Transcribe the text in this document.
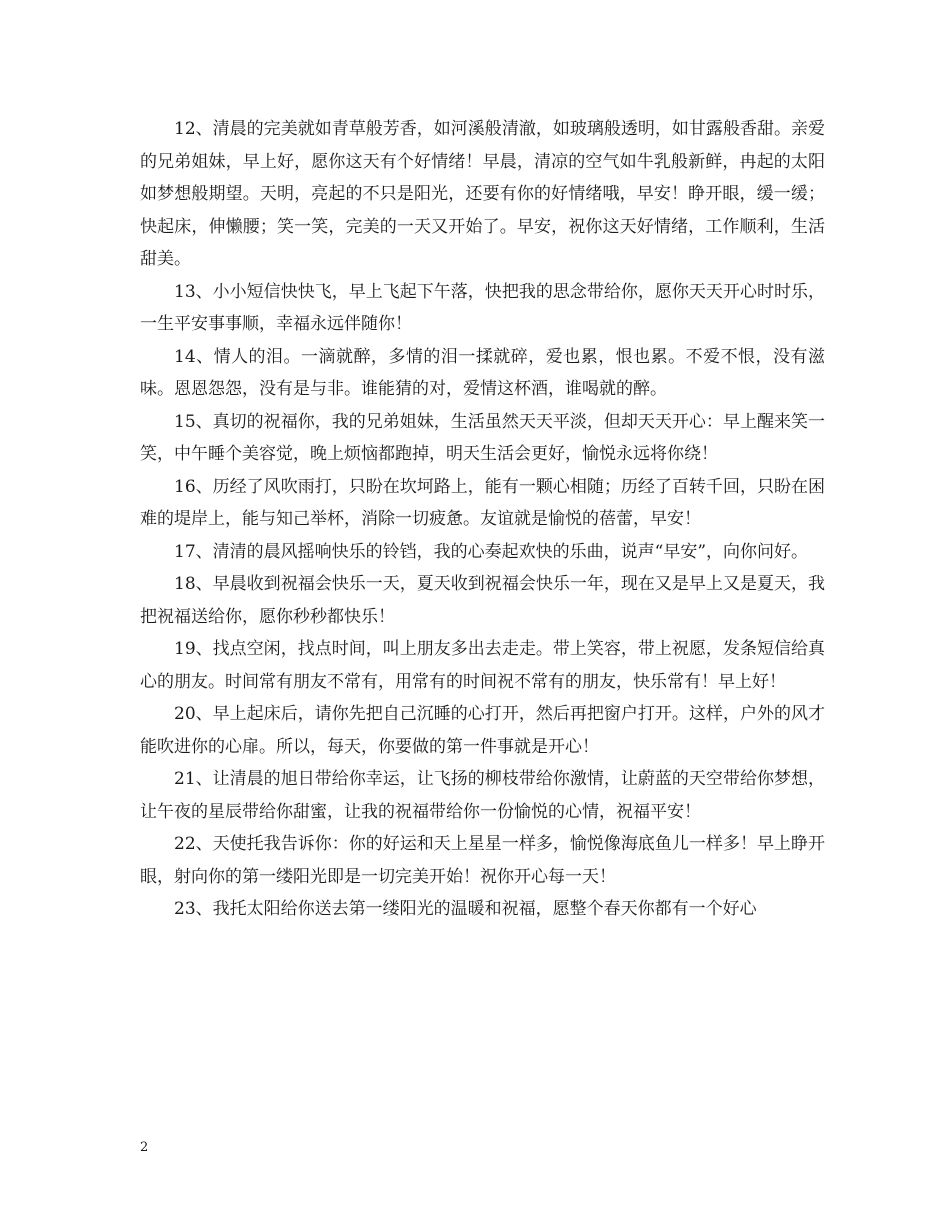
12、清晨的完美就如青草般芳香，如河溪般清澈，如玻璃般透明，如甘露般香甜。亲爱的兄弟姐妹，早上好，愿你这天有个好情绪！早晨，清凉的空气如牛乳般新鲜，冉起的太阳如梦想般期望。天明，亮起的不只是阳光，还要有你的好情绪哦，早安！睁开眼，缓一缓；快起床，伸懒腰；笑一笑，完美的一天又开始了。早安，祝你这天好情绪，工作顺利，生活甜美。

13、小小短信快快飞，早上飞起下午落，快把我的思念带给你，愿你天天开心时时乐，一生平安事事顺，幸福永远伴随你！

14、情人的泪。一滴就醉，多情的泪一揉就碎，爱也累，恨也累。不爱不恨，没有滋味。恩恩怨怨，没有是与非。谁能猜的对，爱情这杯酒，谁喝就的醉。

15、真切的祝福你，我的兄弟姐妹，生活虽然天天平淡，但却天天开心：早上醒来笑一笑，中午睡个美容觉，晚上烦恼都跑掉，明天生活会更好，愉悦永远将你绕！

16、历经了风吹雨打，只盼在坎坷路上，能有一颗心相随；历经了百转千回，只盼在困难的堤岸上，能与知己举杯，消除一切疲惫。友谊就是愉悦的蓓蕾，早安！

17、清清的晨风摇响快乐的铃铛，我的心奏起欢快的乐曲，说声“早安”，向你问好。

18、早晨收到祝福会快乐一天，夏天收到祝福会快乐一年，现在又是早上又是夏天，我把祝福送给你，愿你秒秒都快乐！

19、找点空闲，找点时间，叫上朋友多出去走走。带上笑容，带上祝愿，发条短信给真心的朋友。时间常有朋友不常有，用常有的时间祝不常有的朋友，快乐常有！早上好！

20、早上起床后，请你先把自己沉睡的心打开，然后再把窗户打开。这样，户外的风才能吹进你的心扉。所以，每天，你要做的第一件事就是开心！

21、让清晨的旭日带给你幸运，让飞扬的柳枝带给你激情，让蔚蓝的天空带给你梦想，让午夜的星辰带给你甜蜜，让我的祝福带给你一份愉悦的心情，祝福平安！

22、天使托我告诉你：你的好运和天上星星一样多，愉悦像海底鱼儿一样多！早上睁开眼，射向你的第一缕阳光即是一切完美开始！祝你开心每一天！

23、我托太阳给你送去第一缕阳光的温暖和祝福，愿整个春天你都有一个好心

2
